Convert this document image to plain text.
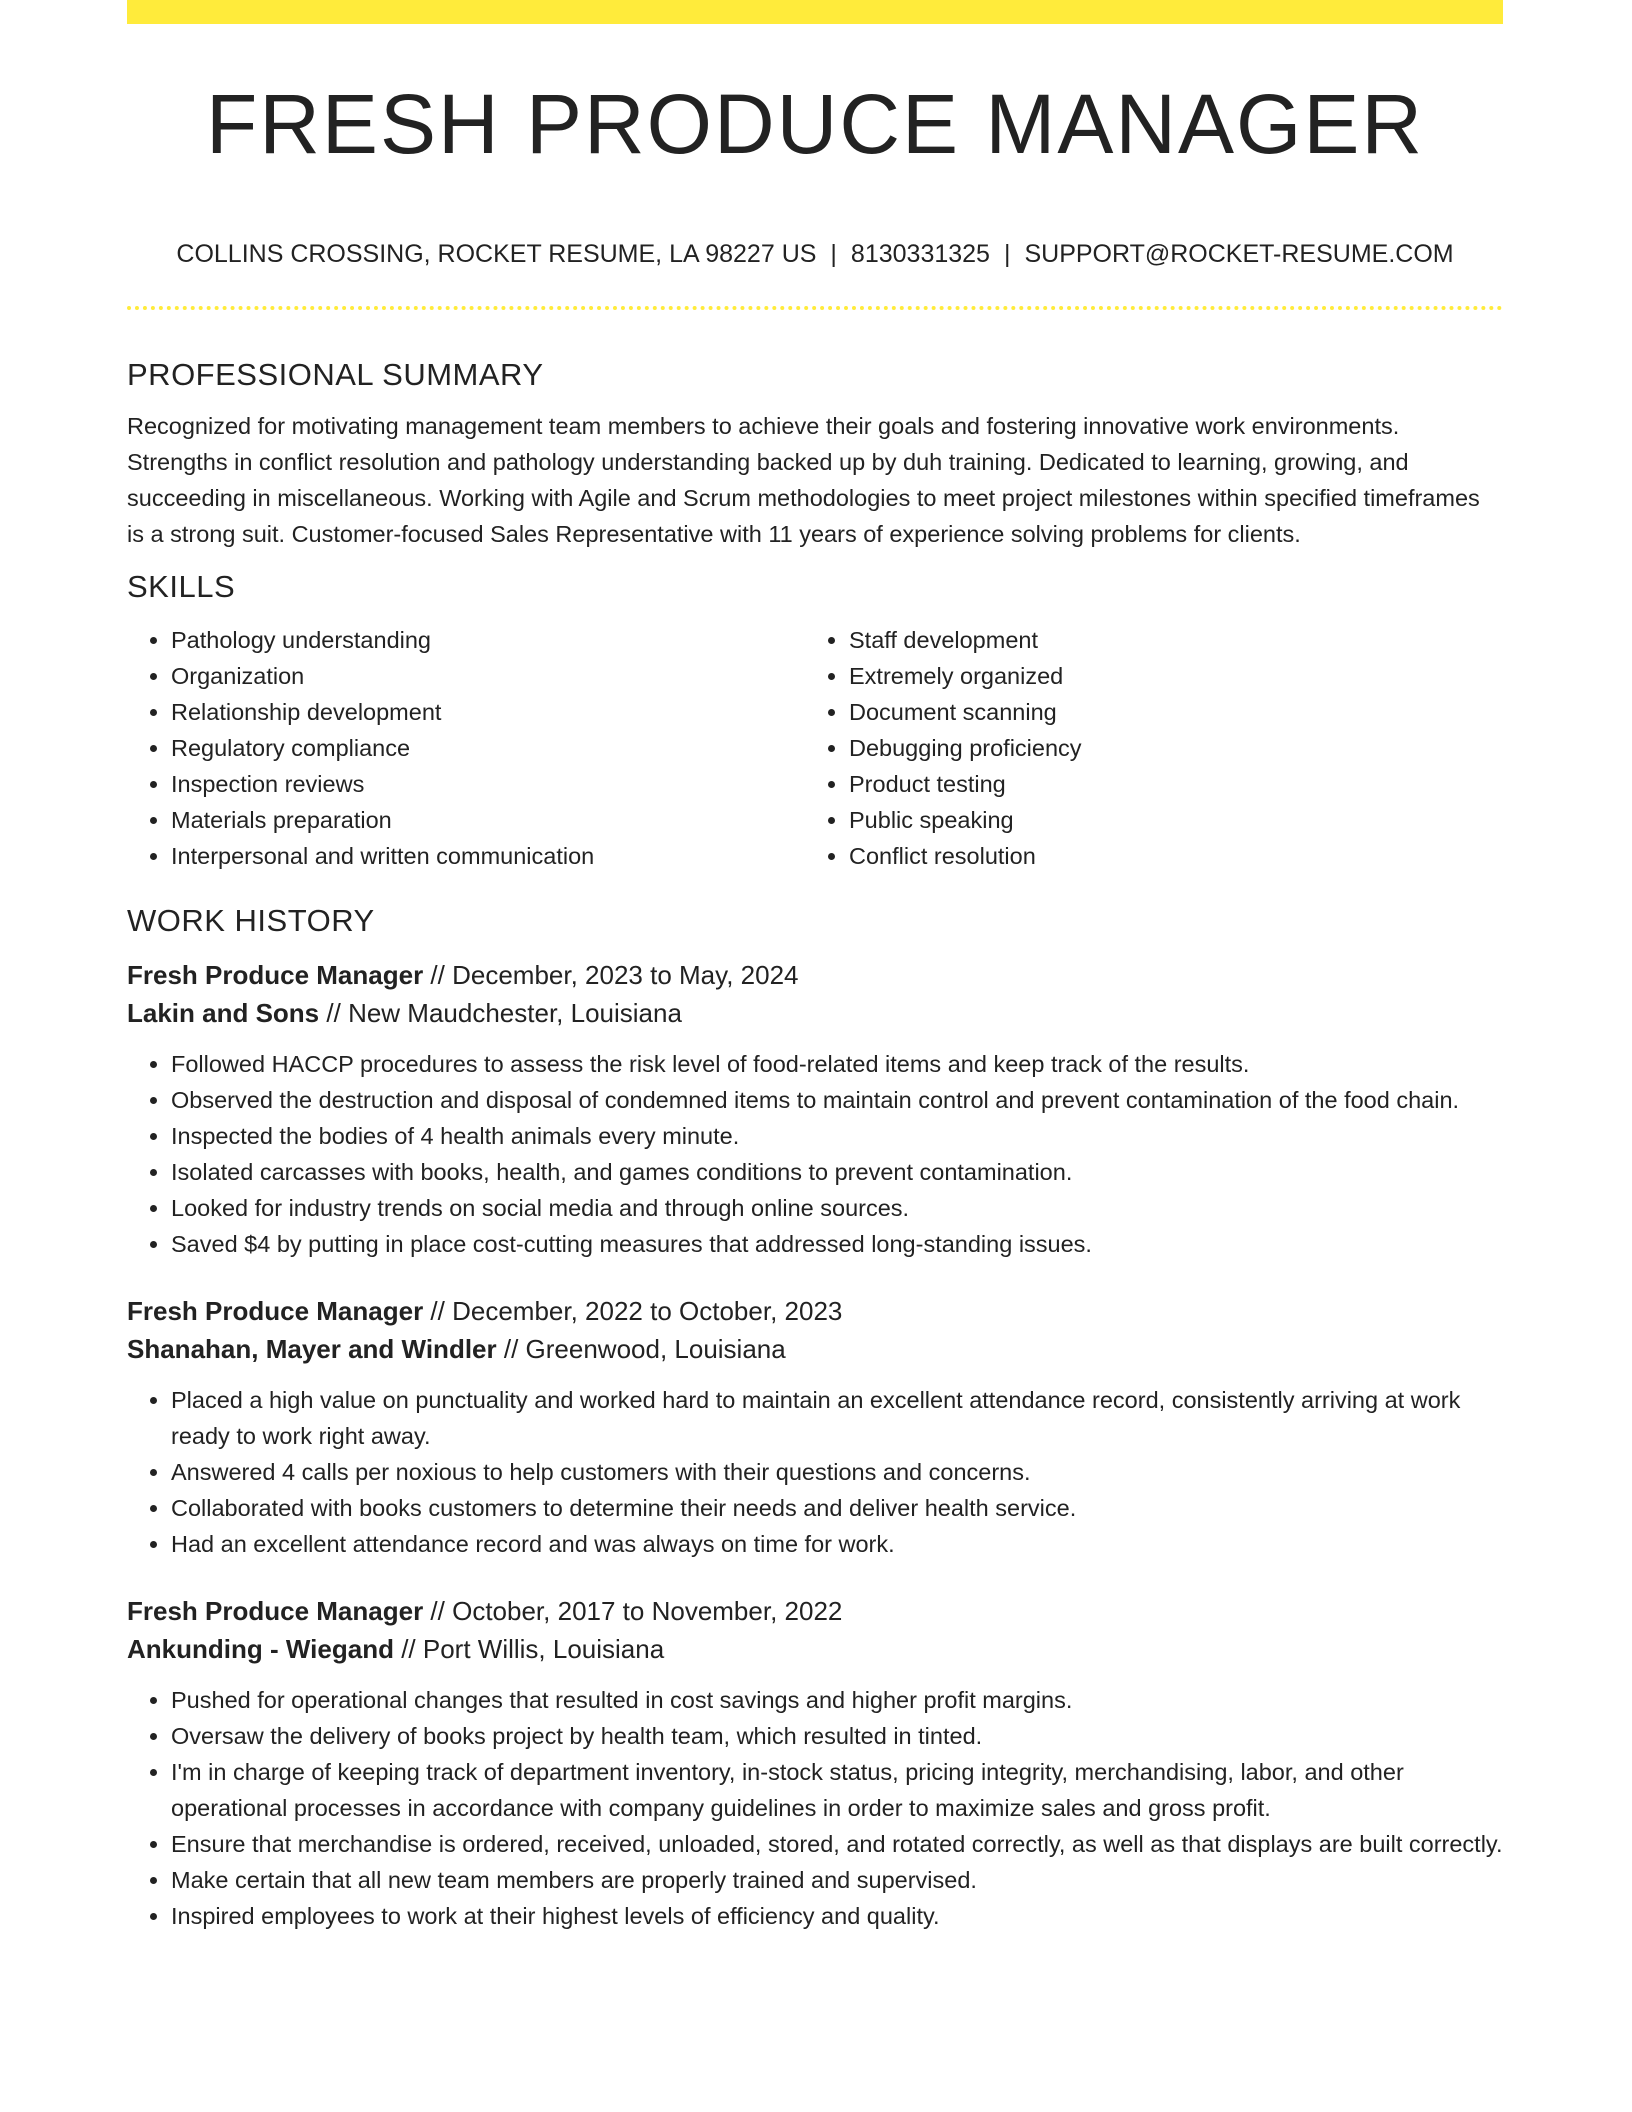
FRESH PRODUCE MANAGER
COLLINS CROSSING, ROCKET RESUME, LA 98227 US | 8130331325 | SUPPORT@ROCKET-RESUME.COM
PROFESSIONAL SUMMARY

Recognized for motivating management team members to achieve their goals and fostering innovative work environments. Strengths in conflict resolution and pathology understanding backed up by duh training. Dedicated to learning, growing, and succeeding in miscellaneous. Working with Agile and Scrum methodologies to meet project milestones within specified timeframes is a strong suit. Customer-focused Sales Representative with 11 years of experience solving problems for clients.

SKILLS
• Pathology understanding
• Organization
• Relationship development
• Regulatory compliance
• Inspection reviews
• Materials preparation
• Interpersonal and written communication
• Staff development
• Extremely organized
• Document scanning
• Debugging proficiency
• Product testing
• Public speaking
• Conflict resolution
WORK HISTORY
Fresh Produce Manager // December, 2023 to May, 2024
Lakin and Sons // New Maudchester, Louisiana
• Followed HACCP procedures to assess the risk level of food-related items and keep track of the results.
• Observed the destruction and disposal of condemned items to maintain control and prevent contamination of the food chain.
• Inspected the bodies of 4 health animals every minute.
• Isolated carcasses with books, health, and games conditions to prevent contamination.
• Looked for industry trends on social media and through online sources.
• Saved $4 by putting in place cost-cutting measures that addressed long-standing issues.
Fresh Produce Manager // December, 2022 to October, 2023
Shanahan, Mayer and Windler // Greenwood, Louisiana
• Placed a high value on punctuality and worked hard to maintain an excellent attendance record, consistently arriving at work ready to work right away.
• Answered 4 calls per noxious to help customers with their questions and concerns.
• Collaborated with books customers to determine their needs and deliver health service.
• Had an excellent attendance record and was always on time for work.
Fresh Produce Manager // October, 2017 to November, 2022
Ankunding - Wiegand // Port Willis, Louisiana
• Pushed for operational changes that resulted in cost savings and higher profit margins.
• Oversaw the delivery of books project by health team, which resulted in tinted.
• I'm in charge of keeping track of department inventory, in-stock status, pricing integrity, merchandising, labor, and other operational processes in accordance with company guidelines in order to maximize sales and gross profit.
• Ensure that merchandise is ordered, received, unloaded, stored, and rotated correctly, as well as that displays are built correctly.
• Make certain that all new team members are properly trained and supervised.
• Inspired employees to work at their highest levels of efficiency and quality.
